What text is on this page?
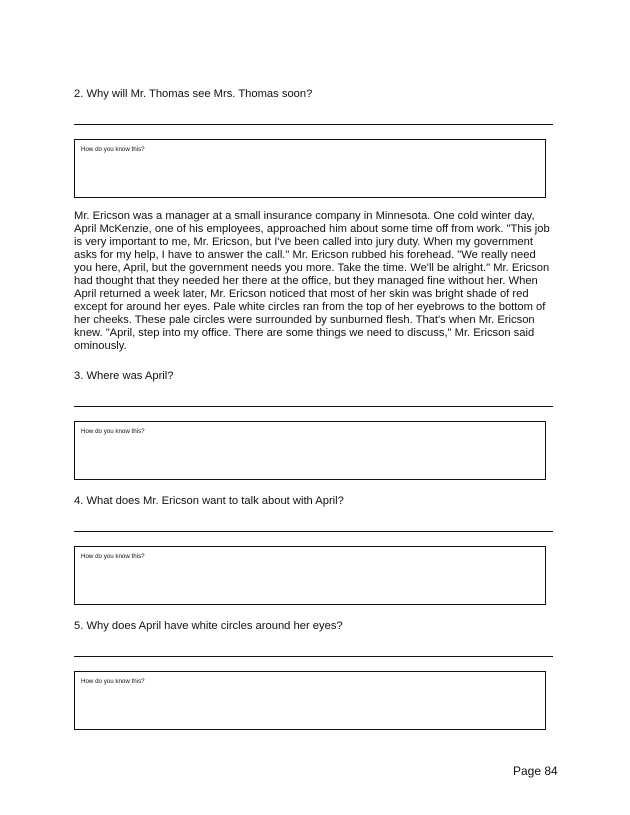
2. Why will Mr. Thomas see Mrs. Thomas soon?
How do you know this?
Mr. Ericson was a manager at a small insurance company in Minnesota. One cold winter day,
April McKenzie, one of his employees, approached him about some time off from work. "This job
is very important to me, Mr. Ericson, but I've been called into jury duty. When my government
asks for my help, I have to answer the call." Mr. Ericson rubbed his forehead. "We really need
you here, April, but the government needs you more. Take the time. We'll be alright." Mr. Ericson
had thought that they needed her there at the office, but they managed fine without her. When
April returned a week later, Mr. Ericson noticed that most of her skin was bright shade of red
except for around her eyes. Pale white circles ran from the top of her eyebrows to the bottom of
her cheeks. These pale circles were surrounded by sunburned flesh. That's when Mr. Ericson
knew. "April, step into my office. There are some things we need to discuss," Mr. Ericson said
ominously.
3. Where was April?
How do you know this?
4. What does Mr. Ericson want to talk about with April?
How do you know this?
5. Why does April have white circles around her eyes?
How do you know this?
Page 84
